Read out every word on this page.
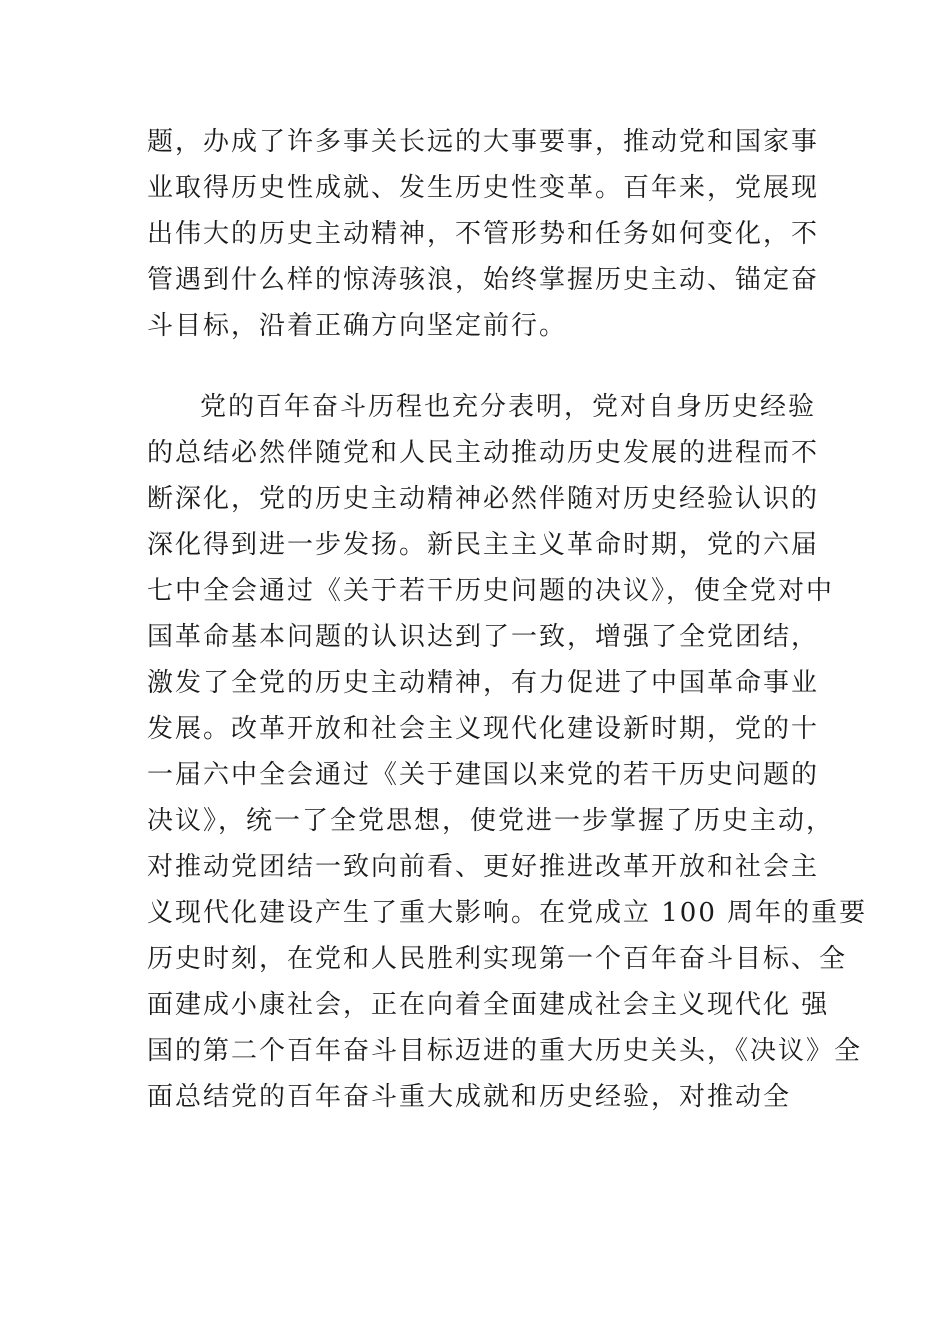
题，办成了许多事关长远的大事要事，推动党和国家事
业取得历史性成就、发生历史性变革。百年来，党展现
出伟大的历史主动精神，不管形势和任务如何变化，不
管遇到什么样的惊涛骇浪，始终掌握历史主动、锚定奋
斗目标，沿着正确方向坚定前行。
党的百年奋斗历程也充分表明，党对自身历史经验
的总结必然伴随党和人民主动推动历史发展的进程而不
断深化，党的历史主动精神必然伴随对历史经验认识的
深化得到进一步发扬。新民主主义革命时期，党的六届
七中全会通过《关于若干历史问题的决议》，使全党对中
国革命基本问题的认识达到了一致，增强了全党团结，
激发了全党的历史主动精神，有力促进了中国革命事业
发展。改革开放和社会主义现代化建设新时期，党的十
一届六中全会通过《关于建国以来党的若干历史问题的
决议》，统一了全党思想，使党进一步掌握了历史主动，
对推动党团结一致向前看、更好推进改革开放和社会主
义现代化建设产生了重大影响。在党成立 100 周年的重要
历史时刻，在党和人民胜利实现第一个百年奋斗目标、全
面建成小康社会，正在向着全面建成社会主义现代化 强
国的第二个百年奋斗目标迈进的重大历史关头，《决议》全
面总结党的百年奋斗重大成就和历史经验，对推动全
